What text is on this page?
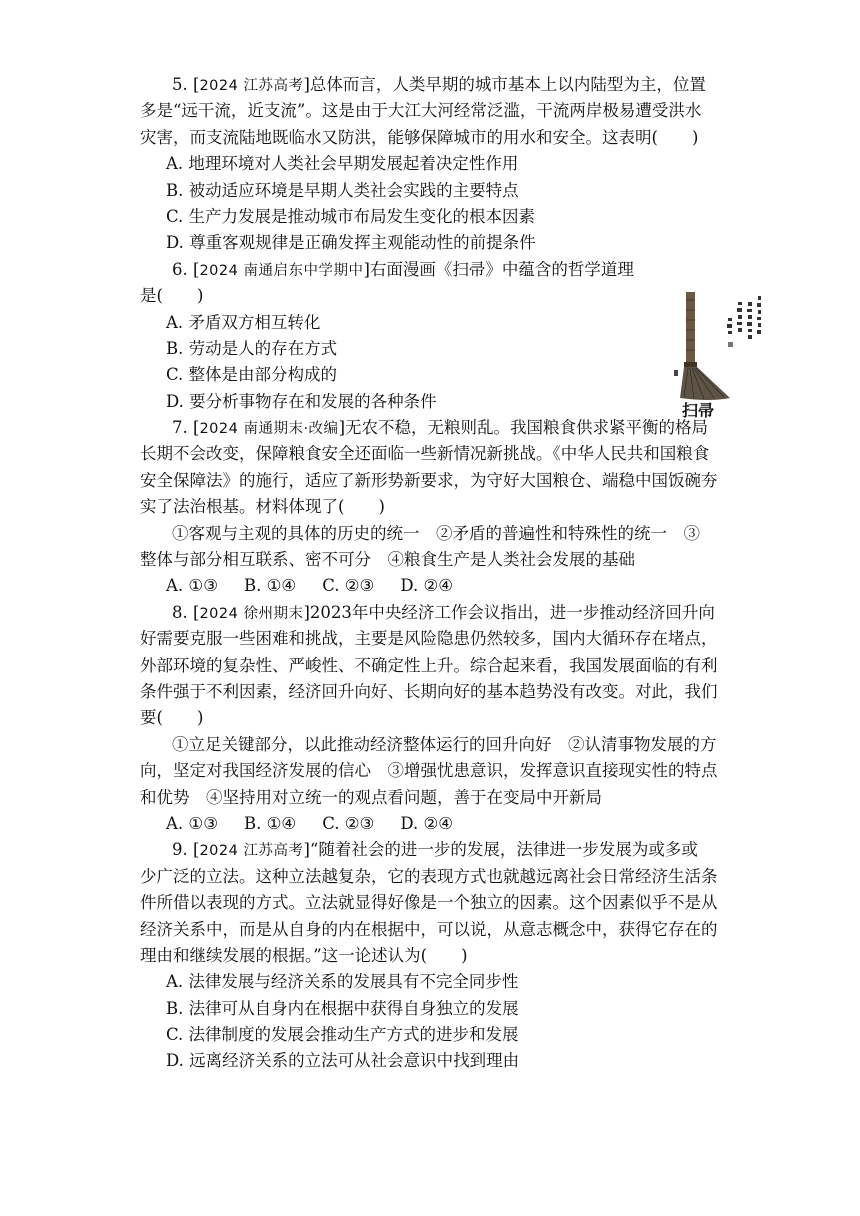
5. [2024 江苏高考]总体而言，人类早期的城市基本上以内陆型为主，位置
多是“远干流，近支流”。这是由于大江大河经常泛滥，干流两岸极易遭受洪水
灾害，而支流陆地既临水又防洪，能够保障城市的用水和安全。这表明( )
A. 地理环境对人类社会早期发展起着决定性作用
B. 被动适应环境是早期人类社会实践的主要特点
C. 生产力发展是推动城市布局发生变化的根本因素
D. 尊重客观规律是正确发挥主观能动性的前提条件
6. [2024 南通启东中学期中]右面漫画《扫帚》中蕴含的哲学道理
是( )
A. 矛盾双方相互转化
B. 劳动是人的存在方式
C. 整体是由部分构成的
D. 要分析事物存在和发展的各种条件
7. [2024 南通期末·改编]无农不稳，无粮则乱。我国粮食供求紧平衡的格局
长期不会改变，保障粮食安全还面临一些新情况新挑战。《中华人民共和国粮食
安全保障法》的施行，适应了新形势新要求，为守好大国粮仓、端稳中国饭碗夯
实了法治根基。材料体现了( )
①客观与主观的具体的历史的统一　②矛盾的普遍性和特殊性的统一　③
整体与部分相互联系、密不可分　④粮食生产是人类社会发展的基础
A. ①③ B. ①④ C. ②③ D. ②④
8. [2024 徐州期末]2023年中央经济工作会议指出，进一步推动经济回升向
好需要克服一些困难和挑战，主要是风险隐患仍然较多，国内大循环存在堵点，
外部环境的复杂性、严峻性、不确定性上升。综合起来看，我国发展面临的有利
条件强于不利因素，经济回升向好、长期向好的基本趋势没有改变。对此，我们
要( )
①立足关键部分，以此推动经济整体运行的回升向好　②认清事物发展的方
向，坚定对我国经济发展的信心　③增强忧患意识，发挥意识直接现实性的特点
和优势　④坚持用对立统一的观点看问题，善于在变局中开新局
A. ①③ B. ①④ C. ②③ D. ②④
9. [2024 江苏高考]“随着社会的进一步的发展，法律进一步发展为或多或
少广泛的立法。这种立法越复杂，它的表现方式也就越远离社会日常经济生活条
件所借以表现的方式。立法就显得好像是一个独立的因素。这个因素似乎不是从
经济关系中，而是从自身的内在根据中，可以说，从意志概念中，获得它存在的
理由和继续发展的根据。”这一论述认为( )
A. 法律发展与经济关系的发展具有不完全同步性
B. 法律可从自身内在根据中获得自身独立的发展
C. 法律制度的发展会推动生产方式的进步和发展
D. 远离经济关系的立法可从社会意识中找到理由
扫帚
